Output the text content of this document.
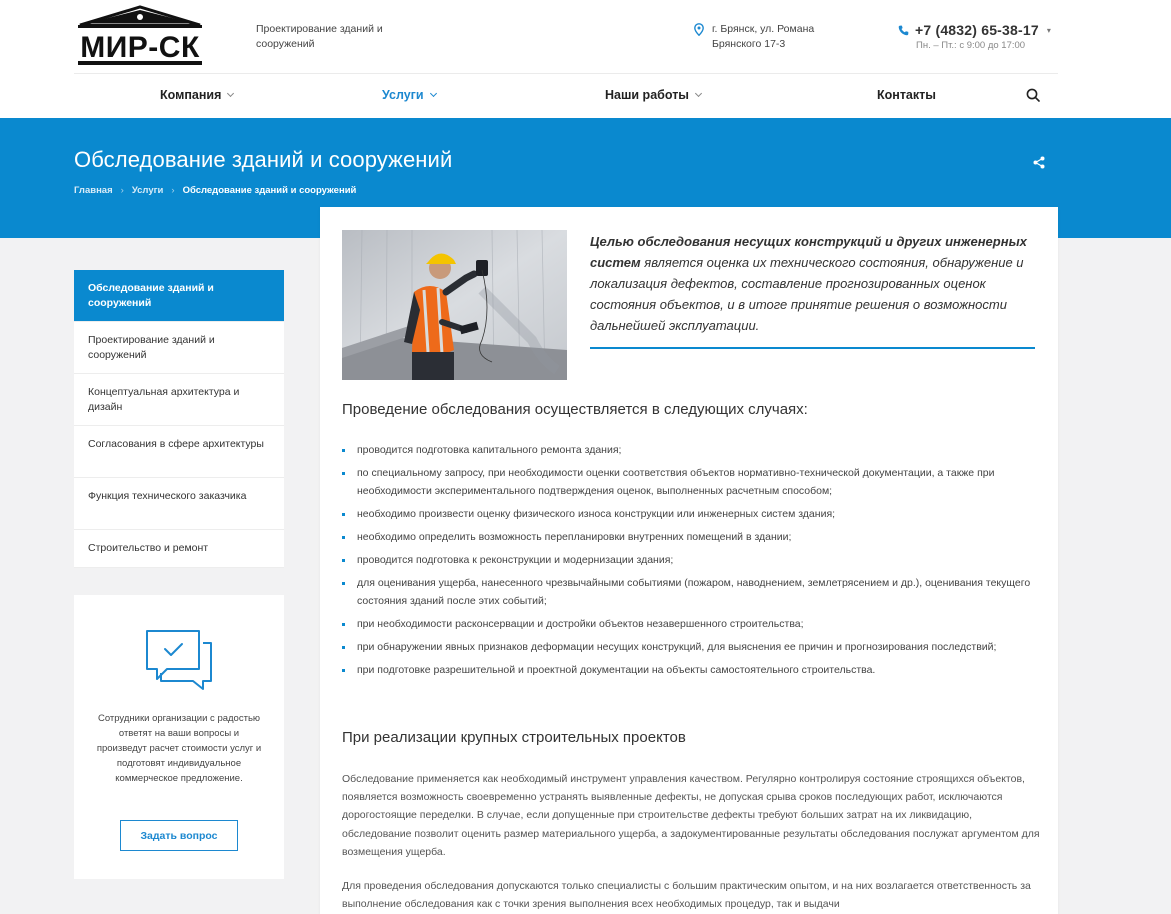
МИР-СК
Проектирование зданий и сооружений
г. Брянск, ул. Романа Брянского 17-3
+7 (4832) 65-38-17 ▾
Пн. – Пт.: с 9:00 до 17:00
Компания	Услуги	Наши работы	Контакты
Обследование зданий и сооружений
Главная › Услуги › Обследование зданий и сооружений
Обследование зданий и сооружений
Проектирование зданий и сооружений
Концептуальная архитектура и дизайн
Согласования в сфере архитектуры
Функция технического заказчика
Строительство и ремонт
Сотрудники организации с радостью ответят на ваши вопросы и произведут расчет стоимости услуг и подготовят индивидуальное коммерческое предложение.
Задать вопрос
Целью обследования несущих конструкций и других инженерных систем является оценка их технического состояния, обнаружение и локализация дефектов, составление прогнозированных оценок состояния объектов, и в итоге принятие решения о возможности дальнейшей эксплуатации.
Проведение обследования осуществляется в следующих случаях:
проводится подготовка капитального ремонта здания;
по специальному запросу, при необходимости оценки соответствия объектов нормативно-технической документации, а также при необходимости экспериментального подтверждения оценок, выполненных расчетным способом;
необходимо произвести оценку физического износа конструкции или инженерных систем здания;
необходимо определить возможность перепланировки внутренних помещений в здании;
проводится подготовка к реконструкции и модернизации здания;
для оценивания ущерба, нанесенного чрезвычайными событиями (пожаром, наводнением, землетрясением и др.), оценивания текущего состояния зданий после этих событий;
при необходимости расконсервации и достройки объектов незавершенного строительства;
при обнаружении явных признаков деформации несущих конструкций, для выяснения ее причин и прогнозирования последствий;
при подготовке разрешительной и проектной документации на объекты самостоятельного строительства.
При реализации крупных строительных проектов

Обследование применяется как необходимый инструмент управления качеством. Регулярно контролируя состояние строящихся объектов, появляется возможность своевременно устранять выявленные дефекты, не допуская срыва сроков последующих работ, исключаются дорогостоящие переделки. В случае, если допущенные при строительстве дефекты требуют больших затрат на их ликвидацию, обследование позволит оценить размер материального ущерба, а задокументированные результаты обследования послужат аргументом для возмещения ущерба.

Для проведения обследования допускаются только специалисты с большим практическим опытом, и на них возлагается ответственность за выполнение обследования как с точки зрения выполнения всех необходимых процедур, так и выдачи
